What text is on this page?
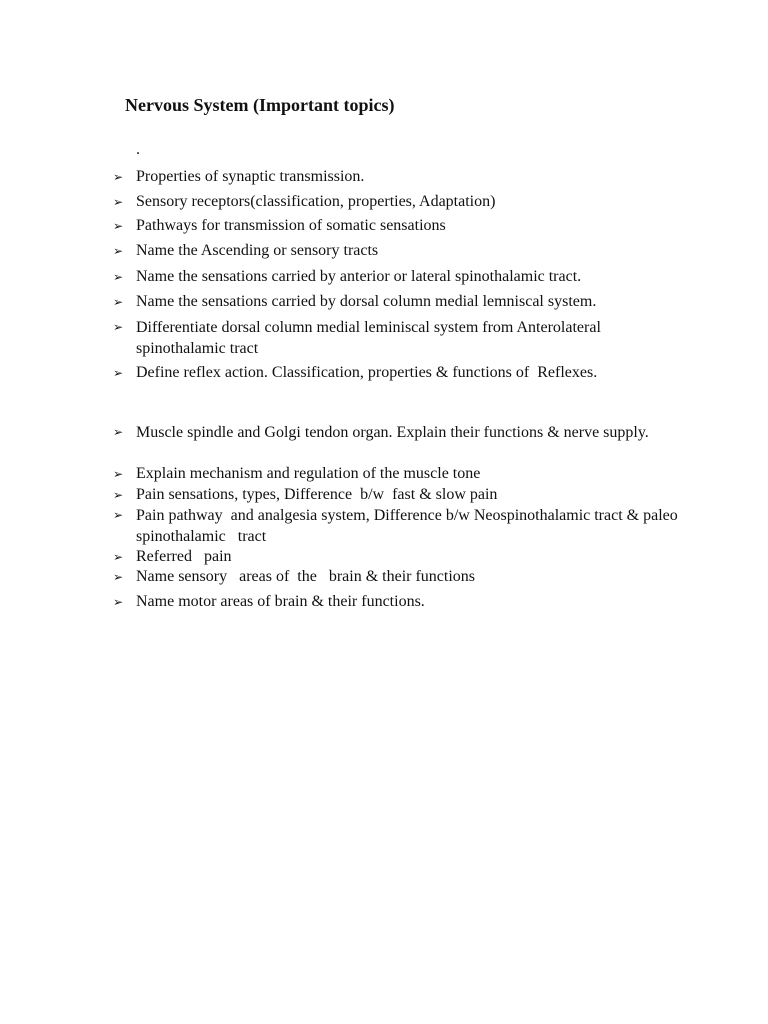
Nervous System (Important topics)
.
➢ Properties of synaptic transmission.
➢ Sensory receptors(classification, properties, Adaptation)
➢ Pathways for transmission of somatic sensations
➢ Name the Ascending or sensory tracts
➢ Name the sensations carried by anterior or lateral spinothalamic tract.
➢ Name the sensations carried by dorsal column medial lemniscal system.
➢ Differentiate dorsal column medial leminiscal system from Anterolateral spinothalamic tract
➢ Define reflex action. Classification, properties & functions of  Reflexes.
➢ Muscle spindle and Golgi tendon organ. Explain their functions & nerve supply.
➢ Explain mechanism and regulation of the muscle tone
➢ Pain sensations, types, Difference  b/w  fast & slow pain
➢ Pain pathway  and analgesia system, Difference b/w Neospinothalamic tract & paleo spinothalamic   tract
➢ Referred   pain
➢ Name sensory   areas of  the   brain & their functions
➢ Name motor areas of brain & their functions.
